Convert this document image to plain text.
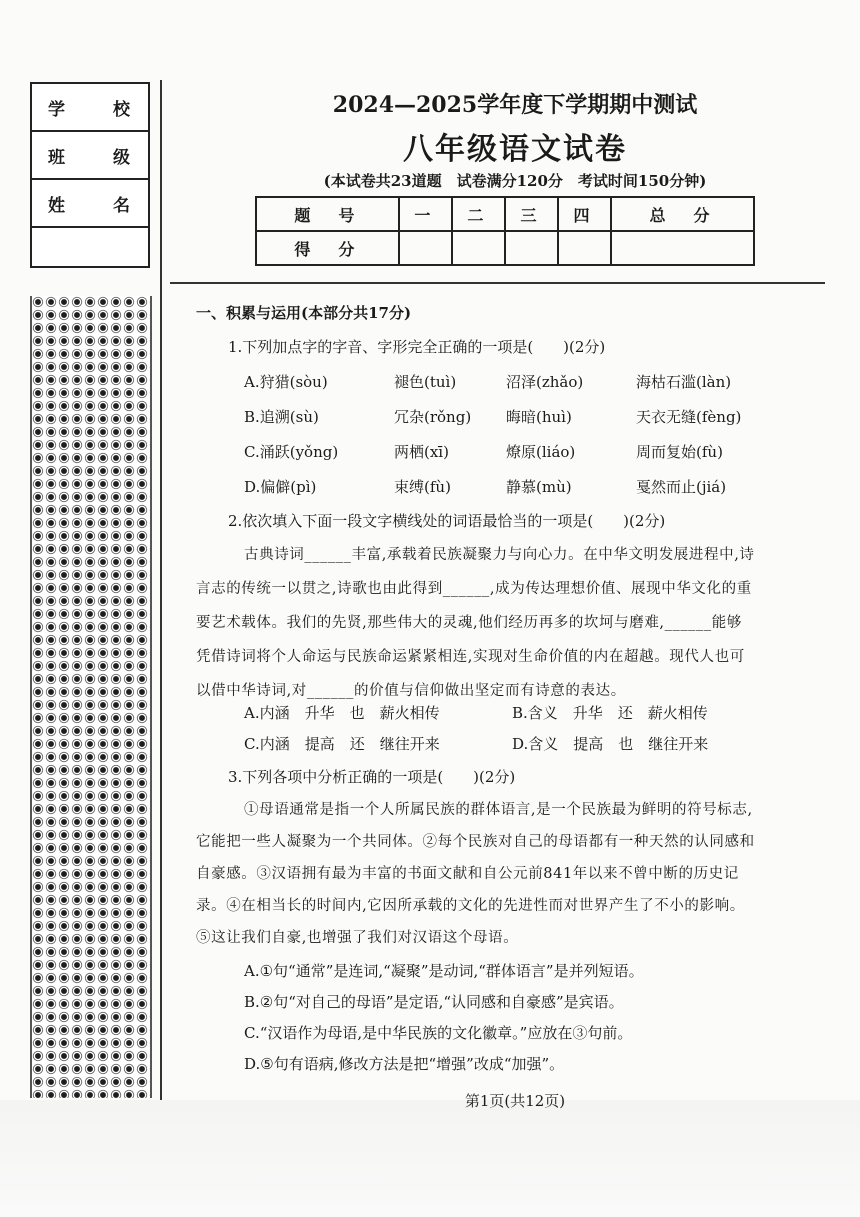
学	校
班	级
姓	名
2024—2025学年度下学期期中测试
八年级语文试卷
(本试卷共23道题　试卷满分120分　考试时间150分钟)
题　号	一	二	三	四	总　分
得　分					
一、积累与运用(本部分共17分)
1.下列加点字的字音、字形完全正确的一项是(　　)(2分)
A.狩猎(sòu)	褪色(tuì)	沼泽(zhǎo)	海枯石滥(làn)
B.追溯(sù)	冗杂(rǒng) 晦暗(huì)	天衣无缝(fèng)
C.涌跃(yǒng)	两栖(xī)	燎原(liáo)	周而复始(fù)
D.偏僻(pì)	束缚(fù)	静慕(mù)	戛然而止(jiá)
2.依次填入下面一段文字横线处的词语最恰当的一项是(　　)(2分)
古典诗词______丰富,承载着民族凝聚力与向心力。在中华文明发展进程中,诗
言志的传统一以贯之,诗歌也由此得到______,成为传达理想价值、展现中华文化的重
要艺术载体。我们的先贤,那些伟大的灵魂,他们经历再多的坎坷与磨难,______能够
凭借诗词将个人命运与民族命运紧紧相连,实现对生命价值的内在超越。现代人也可
以借中华诗词,对______的价值与信仰做出坚定而有诗意的表达。
A.内涵　升华　也　薪火相传	B.含义　升华　还　薪火相传
C.内涵　提高　还　继往开来	D.含义　提高　也　继往开来
3.下列各项中分析正确的一项是(　　)(2分)
①母语通常是指一个人所属民族的群体语言,是一个民族最为鲜明的符号标志,
它能把一些人凝聚为一个共同体。②每个民族对自己的母语都有一种天然的认同感和
自豪感。③汉语拥有最为丰富的书面文献和自公元前841年以来不曾中断的历史记
录。④在相当长的时间内,它因所承载的文化的先进性而对世界产生了不小的影响。
⑤这让我们自豪,也增强了我们对汉语这个母语。
A.①句“通常”是连词,“凝聚”是动词,“群体语言”是并列短语。
B.②句“对自己的母语”是定语,“认同感和自豪感”是宾语。
C.“汉语作为母语,是中华民族的文化徽章。”应放在③句前。
D.⑤句有语病,修改方法是把“增强”改成“加强”。
第1页(共12页)
